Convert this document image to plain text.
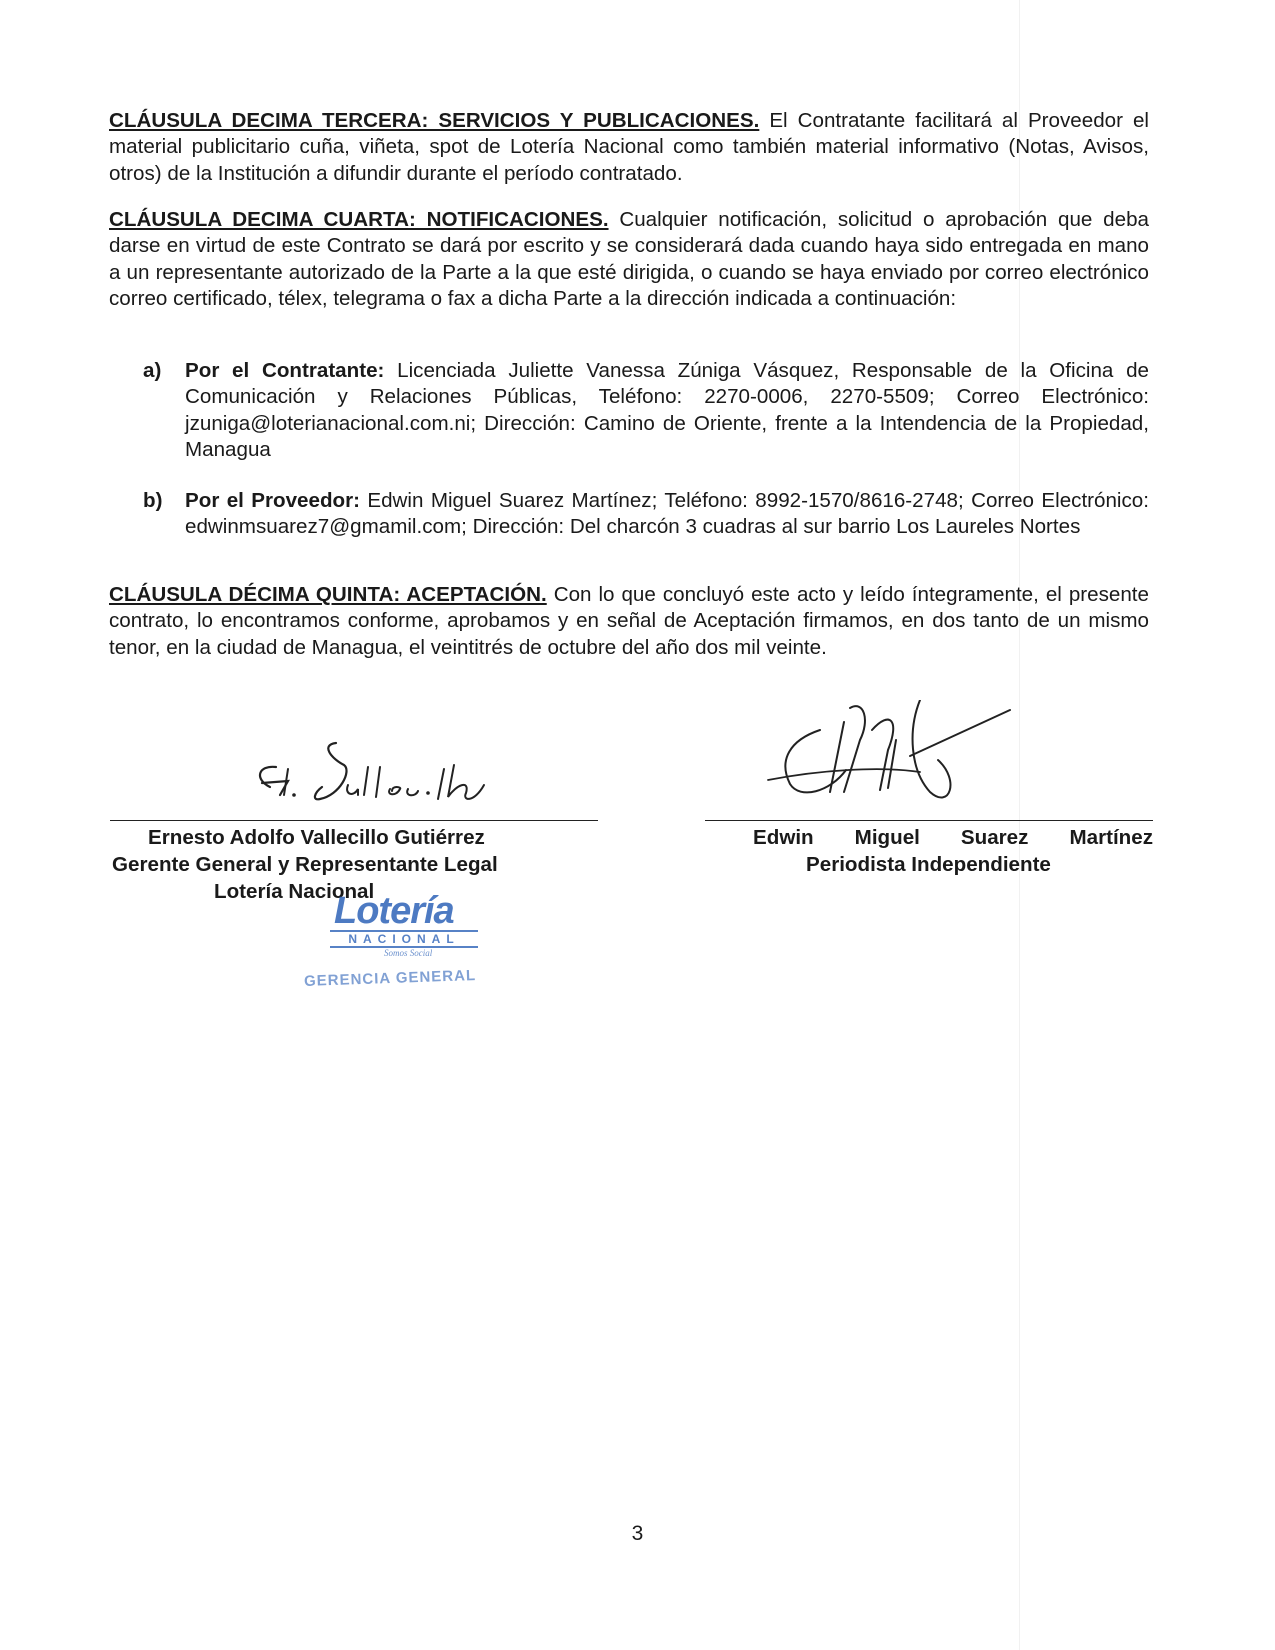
CLÁUSULA DECIMA TERCERA: SERVICIOS Y PUBLICACIONES. El Contratante facilitará al Proveedor el material publicitario cuña, viñeta, spot de Lotería Nacional como también material informativo (Notas, Avisos, otros) de la Institución a difundir durante el período contratado.

CLÁUSULA DECIMA CUARTA: NOTIFICACIONES. Cualquier notificación, solicitud o aprobación que deba darse en virtud de este Contrato se dará por escrito y se considerará dada cuando haya sido entregada en mano a un representante autorizado de la Parte a la que esté dirigida, o cuando se haya enviado por correo electrónico correo certificado, télex, telegrama o fax a dicha Parte a la dirección indicada a continuación:

a) Por el Contratante: Licenciada Juliette Vanessa Zúniga Vásquez, Responsable de la Oficina de Comunicación y Relaciones Públicas, Teléfono: 2270-0006, 2270-5509; Correo Electrónico: jzuniga@loterianacional.com.ni; Dirección: Camino de Oriente, frente a la Intendencia de la Propiedad, Managua
b) Por el Proveedor: Edwin Miguel Suarez Martínez; Teléfono: 8992-1570/8616-2748; Correo Electrónico: edwinmsuarez7@gmamil.com; Dirección: Del charcón 3 cuadras al sur barrio Los Laureles Nortes

CLÁUSULA DÉCIMA QUINTA: ACEPTACIÓN. Con lo que concluyó este acto y leído íntegramente, el presente contrato, lo encontramos conforme, aprobamos y en señal de Aceptación firmamos, en dos tanto de un mismo tenor, en la ciudad de Managua, el veintitrés de octubre del año dos mil veinte.

Ernesto Adolfo Vallecillo Gutiérrez
Gerente General y Representante Legal
Lotería Nacional
Edwin Miguel Suarez Martínez
Periodista Independiente
Lotería
NACIONAL
Somos Social
GERENCIA GENERAL
3
